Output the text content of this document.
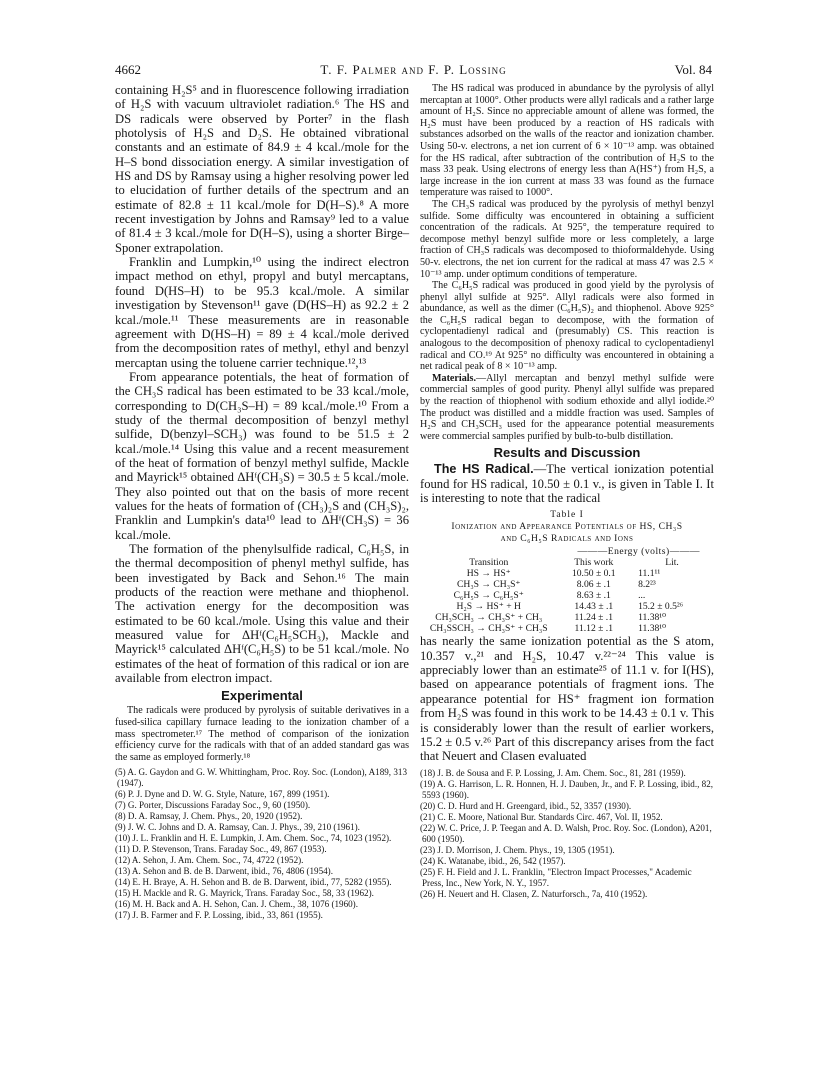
4662	T. F. Palmer and F. P. Lossing	Vol. 84

containing H₂S⁵ and in fluorescence following irradiation of H₂S with vacuum ultraviolet radiation.⁶ The HS and DS radicals were observed by Porter⁷ in the flash photolysis of H₂S and D₂S. He obtained vibrational constants and an estimate of 84.9 ± 4 kcal./mole for the H–S bond dissociation energy. A similar investigation of HS and DS by Ramsay using a higher resolving power led to elucidation of further details of the spectrum and an estimate of 82.8 ± 11 kcal./mole for D(H–S).⁸ A more recent investigation by Johns and Ramsay⁹ led to a value of 81.4 ± 3 kcal./mole for D(H–S), using a shorter Birge–Sponer extrapolation.

Franklin and Lumpkin,¹⁰ using the indirect electron impact method on ethyl, propyl and butyl mercaptans, found D(HS–H) to be 95.3 kcal./mole. A similar investigation by Stevenson¹¹ gave (D(HS–H) as 92.2 ± 2 kcal./mole.¹¹ These measurements are in reasonable agreement with D(HS–H) = 89 ± 4 kcal./mole derived from the decomposition rates of methyl, ethyl and benzyl mercaptan using the toluene carrier technique.¹²,¹³

From appearance potentials, the heat of formation of the CH₃S radical has been estimated to be 33 kcal./mole, corresponding to D(CH₃S–H) = 89 kcal./mole.¹⁰ From a study of the thermal decomposition of benzyl methyl sulfide, D(benzyl–SCH₃) was found to be 51.5 ± 2 kcal./mole.¹⁴ Using this value and a recent measurement of the heat of formation of benzyl methyl sulfide, Mackle and Mayrick¹⁵ obtained ΔHᶠ(CH₃S) = 30.5 ± 5 kcal./mole. They also pointed out that on the basis of more recent values for the heats of formation of (CH₃)₂S and (CH₃S)₂, Franklin and Lumpkin's data¹⁰ lead to ΔHᶠ(CH₃S) = 36 kcal./mole.

The formation of the phenylsulfide radical, C₆H₅S, in the thermal decomposition of phenyl methyl sulfide, has been investigated by Back and Sehon.¹⁶ The main products of the reaction were methane and thiophenol. The activation energy for the decomposition was estimated to be 60 kcal./mole. Using this value and their measured value for ΔHᶠ(C₆H₅SCH₃), Mackle and Mayrick¹⁵ calculated ΔHᶠ(C₆H₅S) to be 51 kcal./mole. No estimates of the heat of formation of this radical or ion are available from electron impact.

Experimental

The radicals were produced by pyrolysis of suitable derivatives in a fused-silica capillary furnace leading to the ionization chamber of a mass spectrometer.¹⁷ The method of comparison of the ionization efficiency curve for the radicals with that of an added standard gas was the same as employed formerly.¹⁸

(5) A. G. Gaydon and G. W. Whittingham, Proc. Roy. Soc. (London), A189, 313 (1947).
(6) P. J. Dyne and D. W. G. Style, Nature, 167, 899 (1951).
(7) G. Porter, Discussions Faraday Soc., 9, 60 (1950).
(8) D. A. Ramsay, J. Chem. Phys., 20, 1920 (1952).
(9) J. W. C. Johns and D. A. Ramsay, Can. J. Phys., 39, 210 (1961).
(10) J. L. Franklin and H. E. Lumpkin, J. Am. Chem. Soc., 74, 1023 (1952).
(11) D. P. Stevenson, Trans. Faraday Soc., 49, 867 (1953).
(12) A. Sehon, J. Am. Chem. Soc., 74, 4722 (1952).
(13) A. Sehon and B. de B. Darwent, ibid., 76, 4806 (1954).
(14) E. H. Braye, A. H. Sehon and B. de B. Darwent, ibid., 77, 5282 (1955).
(15) H. Mackle and R. G. Mayrick, Trans. Faraday Soc., 58, 33 (1962).
(16) M. H. Back and A. H. Sehon, Can. J. Chem., 38, 1076 (1960).
(17) J. B. Farmer and F. P. Lossing, ibid., 33, 861 (1955).

The HS radical was produced in abundance by the pyrolysis of allyl mercaptan at 1000°. Other products were allyl radicals and a rather large amount of H₂S. Since no appreciable amount of allene was formed, the H₂S must have been produced by a reaction of HS radicals with substances adsorbed on the walls of the reactor and ionization chamber. Using 50-v. electrons, a net ion current of 6 × 10⁻¹³ amp. was obtained for the HS radical, after subtraction of the contribution of H₂S to the mass 33 peak. Using electrons of energy less than A(HS⁺) from H₂S, a large increase in the ion current at mass 33 was found as the furnace temperature was raised to 1000°.

The CH₃S radical was produced by the pyrolysis of methyl benzyl sulfide. Some difficulty was encountered in obtaining a sufficient concentration of the radicals. At 925°, the temperature required to decompose methyl benzyl sulfide more or less completely, a large fraction of CH₃S radicals was decomposed to thioformaldehyde. Using 50-v. electrons, the net ion current for the radical at mass 47 was 2.5 × 10⁻¹³ amp. under optimum conditions of temperature.

The C₆H₅S radical was produced in good yield by the pyrolysis of phenyl allyl sulfide at 925°. Allyl radicals were also formed in abundance, as well as the dimer (C₆H₅S)₂ and thiophenol. Above 925° the C₆H₅S radical began to decompose, with the formation of cyclopentadienyl radical and (presumably) CS. This reaction is analogous to the decomposition of phenoxy radical to cyclopentadienyl radical and CO.¹⁹ At 925° no difficulty was encountered in obtaining a net radical peak of 8 × 10⁻¹³ amp.

Materials.—Allyl mercaptan and benzyl methyl sulfide were commercial samples of good purity. Phenyl allyl sulfide was prepared by the reaction of thiophenol with sodium ethoxide and allyl iodide.²⁰ The product was distilled and a middle fraction was used. Samples of H₂S and CH₃SCH₃ used for the appearance potential measurements were commercial samples purified by bulb-to-bulb distillation.

Results and Discussion

The HS Radical.—The vertical ionization potential found for HS radical, 10.50 ± 0.1 v., is given in Table I. It is interesting to note that the radical

Table I
Ionization and Appearance Potentials of HS, CH₃S
and C₆H₅S Radicals and Ions
	———Energy (volts)———	
Transition	This work	Lit.
HS → HS⁺	10.50 ± 0.1	11.1¹¹
CH₃S → CH₃S⁺	8.06 ± .1	8.2²³
C₆H₅S → C₆H₅S⁺	8.63 ± .1	...
H₂S → HS⁺ + H	14.43 ± .1	15.2 ± 0.5²⁶
CH₃SCH₃ → CH₃S⁺ + CH₃	11.24 ± .1	11.38¹⁰
CH₃SSCH₃ → CH₃S⁺ + CH₃S	11.12 ± .1	11.38¹⁰

has nearly the same ionization potential as the S atom, 10.357 v.,²¹ and H₂S, 10.47 v.²²⁻²⁴ This value is appreciably lower than an estimate²⁵ of 11.1 v. for I(HS), based on appearance potentials of fragment ions. The appearance potential for HS⁺ fragment ion formation from H₂S was found in this work to be 14.43 ± 0.1 v. This is considerably lower than the result of earlier workers, 15.2 ± 0.5 v.²⁶ Part of this discrepancy arises from the fact that Neuert and Clasen evaluated

(18) J. B. de Sousa and F. P. Lossing, J. Am. Chem. Soc., 81, 281 (1959).
(19) A. G. Harrison, L. R. Honnen, H. J. Dauben, Jr., and F. P. Lossing, ibid., 82, 5593 (1960).
(20) C. D. Hurd and H. Greengard, ibid., 52, 3357 (1930).
(21) C. E. Moore, National Bur. Standards Circ. 467, Vol. II, 1952.
(22) W. C. Price, J. P. Teegan and A. D. Walsh, Proc. Roy. Soc. (London), A201, 600 (1950).
(23) J. D. Morrison, J. Chem. Phys., 19, 1305 (1951).
(24) K. Watanabe, ibid., 26, 542 (1957).
(25) F. H. Field and J. L. Franklin, "Electron Impact Processes," Academic Press, Inc., New York, N. Y., 1957.
(26) H. Neuert and H. Clasen, Z. Naturforsch., 7a, 410 (1952).
